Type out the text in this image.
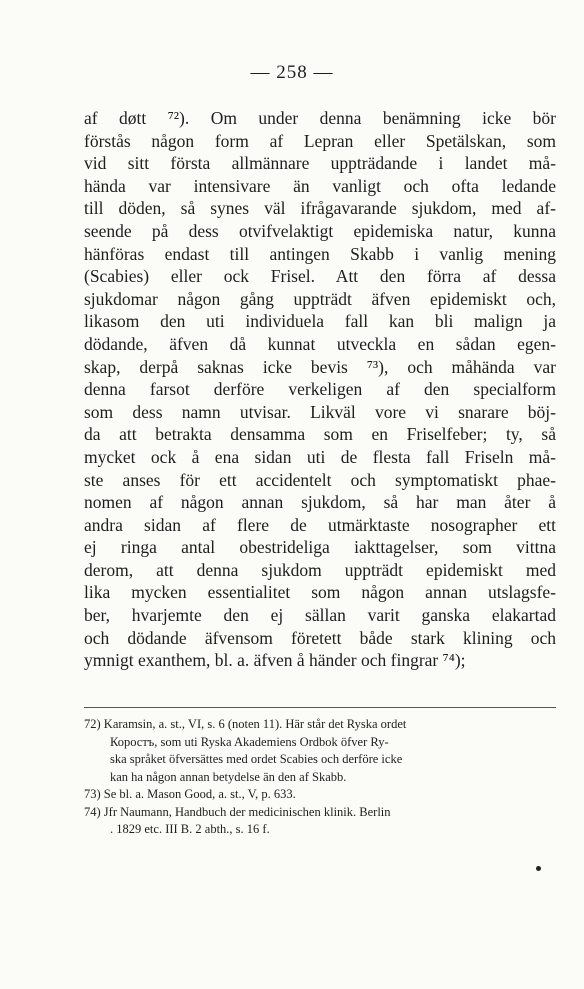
— 258 —
af døtt ⁷²). Om under denna benämning icke bör
förstås någon form af Lepran eller Spetälskan, som
vid sitt första allmännare uppträdande i landet må-
hända var intensivare än vanligt och ofta ledande
till döden, så synes väl ifrågavarande sjukdom, med af-
seende på dess otvifvelaktigt epidemiska natur, kunna
hänföras endast till antingen Skabb i vanlig mening
(Scabies) eller ock Frisel. Att den förra af dessa
sjukdomar någon gång uppträdt äfven epidemiskt och,
likasom den uti individuela fall kan bli malign ja
dödande, äfven då kunnat utveckla en sådan egen-
skap, derpå saknas icke bevis ⁷³), och måhända var
denna farsot derföre verkeligen af den specialform
som dess namn utvisar. Likväl vore vi snarare böj-
da att betrakta densamma som en Friselfeber; ty, så
mycket ock å ena sidan uti de flesta fall Friseln må-
ste anses för ett accidentelt och symptomatiskt phae-
nomen af någon annan sjukdom, så har man åter å
andra sidan af flere de utmärktaste nosographer ett
ej ringa antal obestrideliga iakttagelser, som vittna
derom, att denna sjukdom uppträdt epidemiskt med
lika mycken essentialitet som någon annan utslagsfe-
ber, hvarjemte den ej sällan varit ganska elakartad
och dödande äfvensom företett både stark klining och
ymnigt exanthem, bl. a. äfven å händer och fingrar ⁷⁴);
72) Karamsin, a. st., VI, s. 6 (noten 11). Här står det Ryska ordet
Коростъ, som uti Ryska Akademiens Ordbok öfver Ry-
ska språket öfversättes med ordet Scabies och derföre icke
kan ha någon annan betydelse än den af Skabb.
73) Se bl. a. Mason Good, a. st., V, p. 633.
74) Jfr Naumann, Handbuch der medicinischen klinik. Berlin
. 1829 etc. III B. 2 abth., s. 16 f.
